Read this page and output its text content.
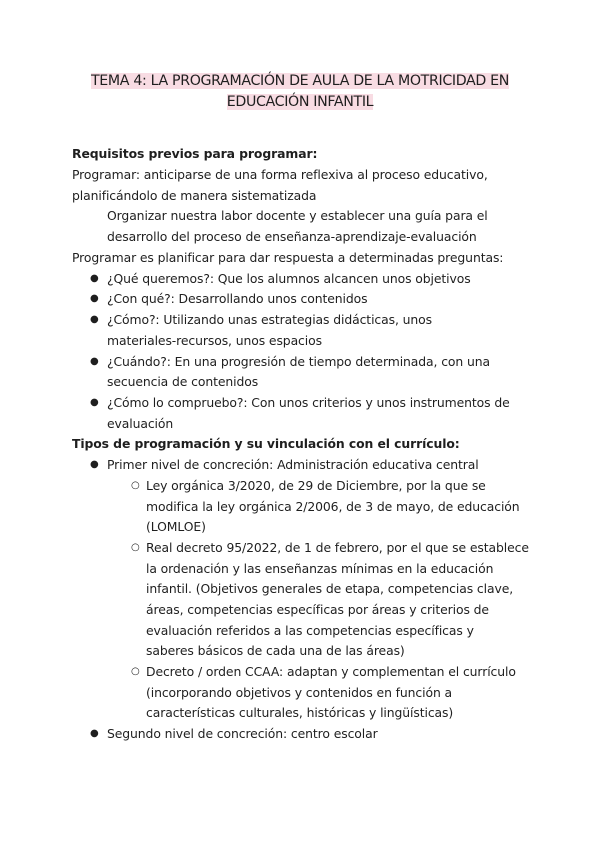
TEMA 4: LA PROGRAMACIÓN DE AULA DE LA MOTRICIDAD EN
EDUCACIÓN INFANTIL
Requisitos previos para programar:
Programar: anticiparse de una forma reflexiva al proceso educativo,
planificándolo de manera sistematizada
Organizar nuestra labor docente y establecer una guía para el
desarrollo del proceso de enseñanza-aprendizaje-evaluación
Programar es planificar para dar respuesta a determinadas preguntas:
● ¿Qué queremos?: Que los alumnos alcancen unos objetivos
● ¿Con qué?: Desarrollando unos contenidos
● ¿Cómo?: Utilizando unas estrategias didácticas, unos
materiales-recursos, unos espacios
● ¿Cuándo?: En una progresión de tiempo determinada, con una
secuencia de contenidos
● ¿Cómo lo compruebo?: Con unos criterios y unos instrumentos de
evaluación
Tipos de programación y su vinculación con el currículo:
● Primer nivel de concreción: Administración educativa central
○ Ley orgánica 3/2020, de 29 de Diciembre, por la que se
modifica la ley orgánica 2/2006, de 3 de mayo, de educación
(LOMLOE)
○ Real decreto 95/2022, de 1 de febrero, por el que se establece
la ordenación y las enseñanzas mínimas en la educación
infantil. (Objetivos generales de etapa, competencias clave,
áreas, competencias específicas por áreas y criterios de
evaluación referidos a las competencias específicas y
saberes básicos de cada una de las áreas)
○ Decreto / orden CCAA: adaptan y complementan el currículo
(incorporando objetivos y contenidos en función a
características culturales, históricas y lingüísticas)
● Segundo nivel de concreción: centro escolar
